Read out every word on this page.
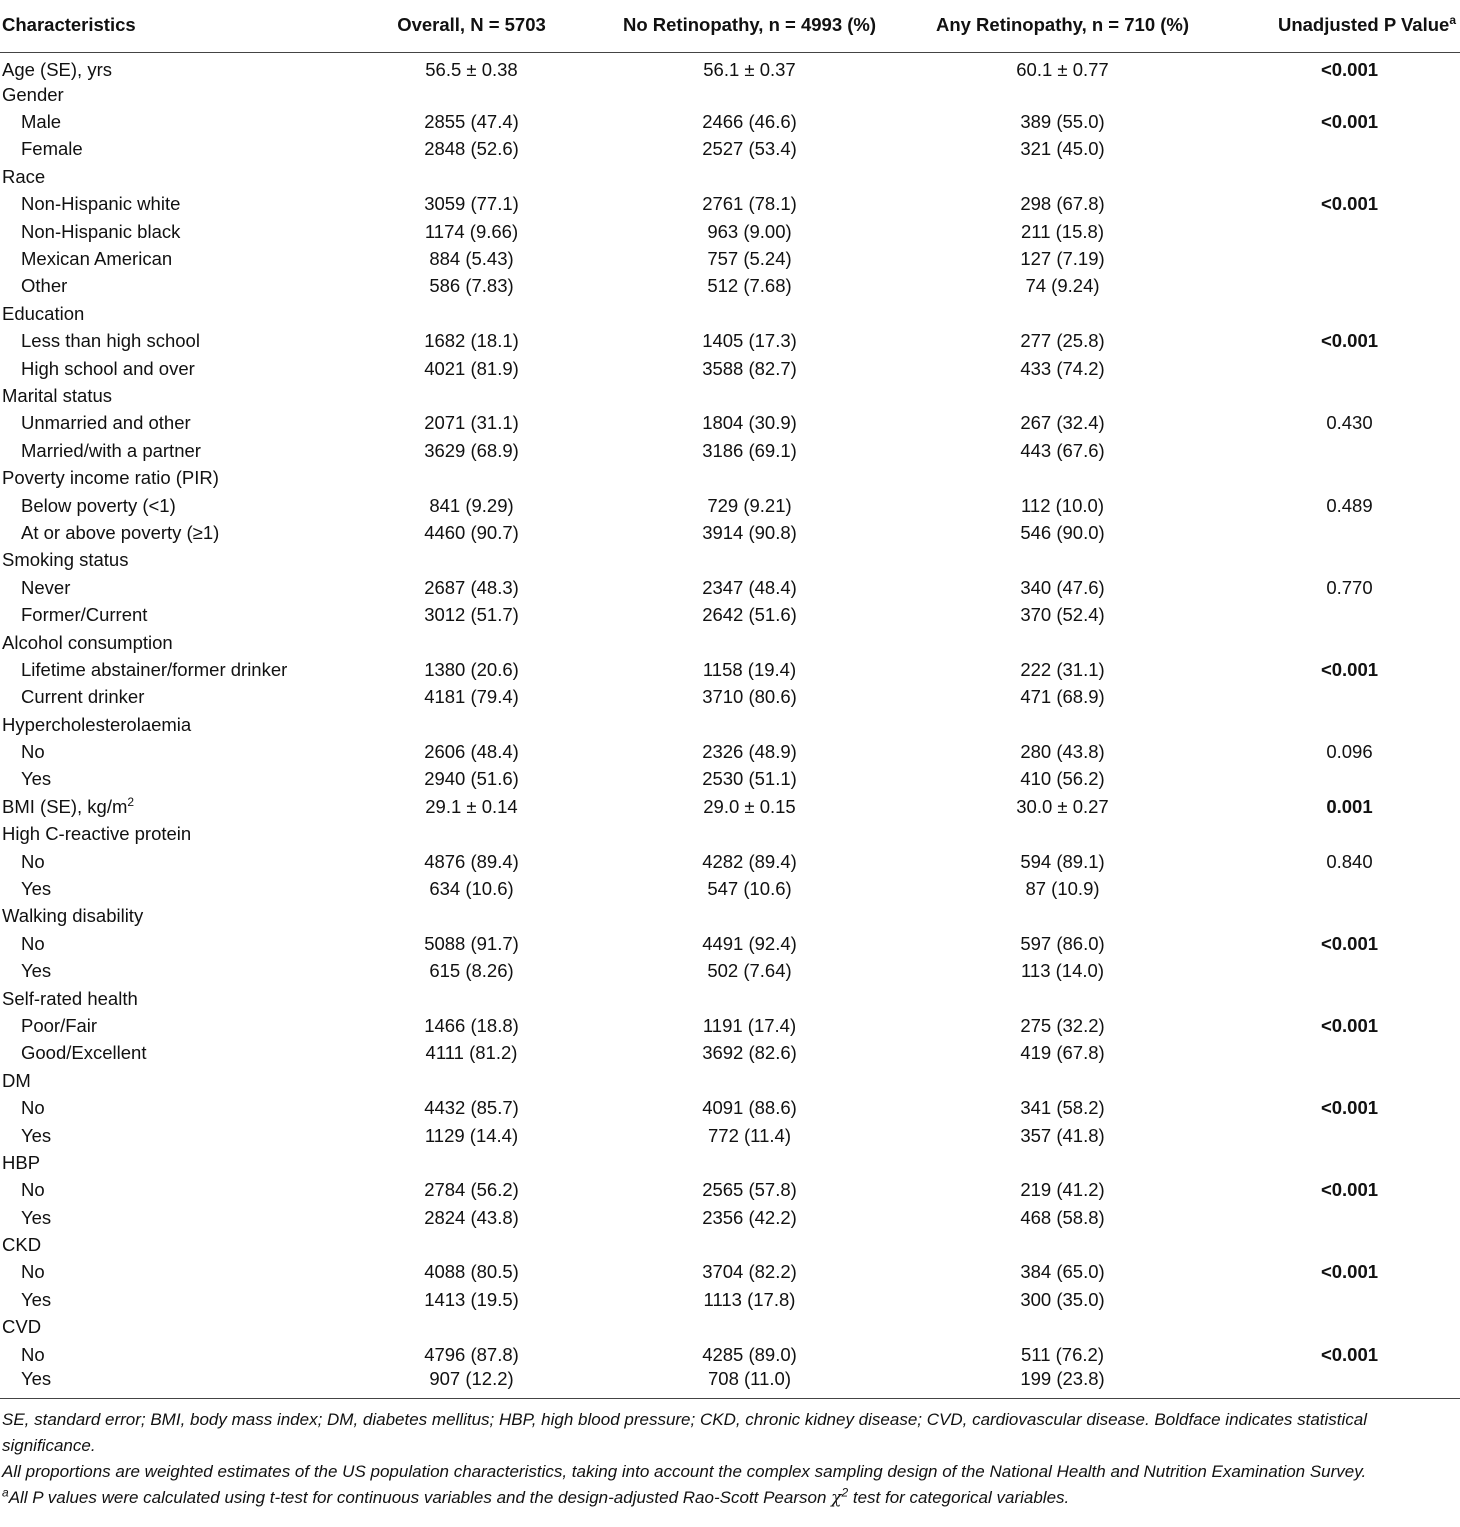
Characteristics	Overall, N = 5703	No Retinopathy, n = 4993 (%)	Any Retinopathy, n = 710 (%)	Unadjusted P Value$^a$
Age (SE), yrs	56.5 ± 0.38	56.1 ± 0.37	60.1 ± 0.77	<0.001
Gender				
Male	2855 (47.4)	2466 (46.6)	389 (55.0)	<0.001
Female	2848 (52.6)	2527 (53.4)	321 (45.0)	
Race				
Non-Hispanic white	3059 (77.1)	2761 (78.1)	298 (67.8)	<0.001
Non-Hispanic black	1174 (9.66)	963 (9.00)	211 (15.8)	
Mexican American	884 (5.43)	757 (5.24)	127 (7.19)	
Other	586 (7.83)	512 (7.68)	74 (9.24)	
Education				
Less than high school	1682 (18.1)	1405 (17.3)	277 (25.8)	<0.001
High school and over	4021 (81.9)	3588 (82.7)	433 (74.2)	
Marital status				
Unmarried and other	2071 (31.1)	1804 (30.9)	267 (32.4)	0.430
Married/with a partner	3629 (68.9)	3186 (69.1)	443 (67.6)	
Poverty income ratio (PIR)				
Below poverty (<1)	841 (9.29)	729 (9.21)	112 (10.0)	0.489
At or above poverty (≥1)	4460 (90.7)	3914 (90.8)	546 (90.0)	
Smoking status				
Never	2687 (48.3)	2347 (48.4)	340 (47.6)	0.770
Former/Current	3012 (51.7)	2642 (51.6)	370 (52.4)	
Alcohol consumption				
Lifetime abstainer/former drinker	1380 (20.6)	1158 (19.4)	222 (31.1)	<0.001
Current drinker	4181 (79.4)	3710 (80.6)	471 (68.9)	
Hypercholesterolaemia				
No	2606 (48.4)	2326 (48.9)	280 (43.8)	0.096
Yes	2940 (51.6)	2530 (51.1)	410 (56.2)	
BMI (SE), $kg/m^2$	29.1 ± 0.14	29.0 ± 0.15	30.0 ± 0.27	0.001
High C-reactive protein				
No	4876 (89.4)	4282 (89.4)	594 (89.1)	0.840
Yes	634 (10.6)	547 (10.6)	87 (10.9)	
Walking disability				
No	5088 (91.7)	4491 (92.4)	597 (86.0)	<0.001
Yes	615 (8.26)	502 (7.64)	113 (14.0)	
Self-rated health				
Poor/Fair	1466 (18.8)	1191 (17.4)	275 (32.2)	<0.001
Good/Excellent	4111 (81.2)	3692 (82.6)	419 (67.8)	
DM				
No	4432 (85.7)	4091 (88.6)	341 (58.2)	<0.001
Yes	1129 (14.4)	772 (11.4)	357 (41.8)	
HBP				
No	2784 (56.2)	2565 (57.8)	219 (41.2)	<0.001
Yes	2824 (43.8)	2356 (42.2)	468 (58.8)	
CKD				
No	4088 (80.5)	3704 (82.2)	384 (65.0)	<0.001
Yes	1413 (19.5)	1113 (17.8)	300 (35.0)	
CVD				
No	4796 (87.8)	4285 (89.0)	511 (76.2)	<0.001
Yes	907 (12.2)	708 (11.0)	199 (23.8)	

SE, standard error; BMI, body mass index; DM, diabetes mellitus; HBP, high blood pressure; CKD, chronic kidney disease; CVD, cardiovascular disease. Boldface indicates statistical significance.

All proportions are weighted estimates of the US population characteristics, taking into account the complex sampling design of the National Health and Nutrition Examination Survey.

$^a$All P values were calculated using t-test for continuous variables and the design-adjusted Rao-Scott Pearson $\chi^2$ test for categorical variables.
